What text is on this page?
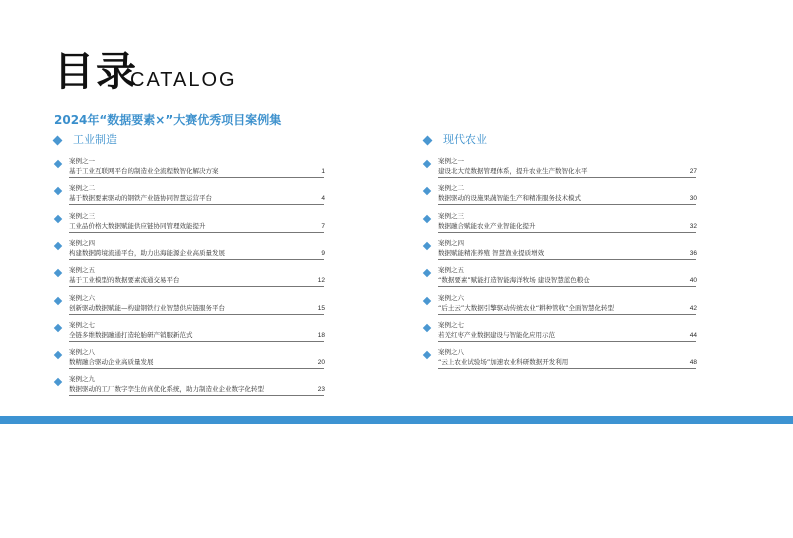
目录
CATALOG
2024年“数据要素×”大赛优秀项目案例集
工业制造	现代农业
案例之一
基于工业互联网平台的制造业全流程数智化解决方案	1
案例之二
基于数据要素驱动的钢铁产业链协同智慧运营平台	4
案例之三
工业品价格大数据赋能供应链协同管理效能提升	7
案例之四
构建数据跨境流通平台，助力出海能源企业高质量发展	9
案例之五
基于工业模型的数据要素流通交易平台	12
案例之六
创新驱动数据赋能—构建钢铁行业智慧供应链服务平台	15
案例之七
全链多维数据融通打造轮胎研产销服新范式	18
案例之八
数精融合驱动企业高质量发展	20
案例之九
数据驱动的工厂数字孪生仿真优化系统，助力制造业企业数字化转型	23
案例之一
建设北大荒数据管理体系，提升农业生产数智化水平	27
案例之二
数据驱动的设施果蔬智能生产和精准服务技术模式	30
案例之三
数据融合赋能农业产业智能化提升	32
案例之四
数据赋能精准养殖 智慧渔业提质增效	36
案例之五
“数据要素”赋能打造智能海洋牧场 建设智慧蓝色粮仓	40
案例之六
“后土云”大数据引擎驱动传统农业“耕种管收”全面智慧化转型	42
案例之七
若羌红枣产业数据建设与智能化应用示范	44
案例之八
“云上农业试验场”加速农业科研数据开发利用	48
